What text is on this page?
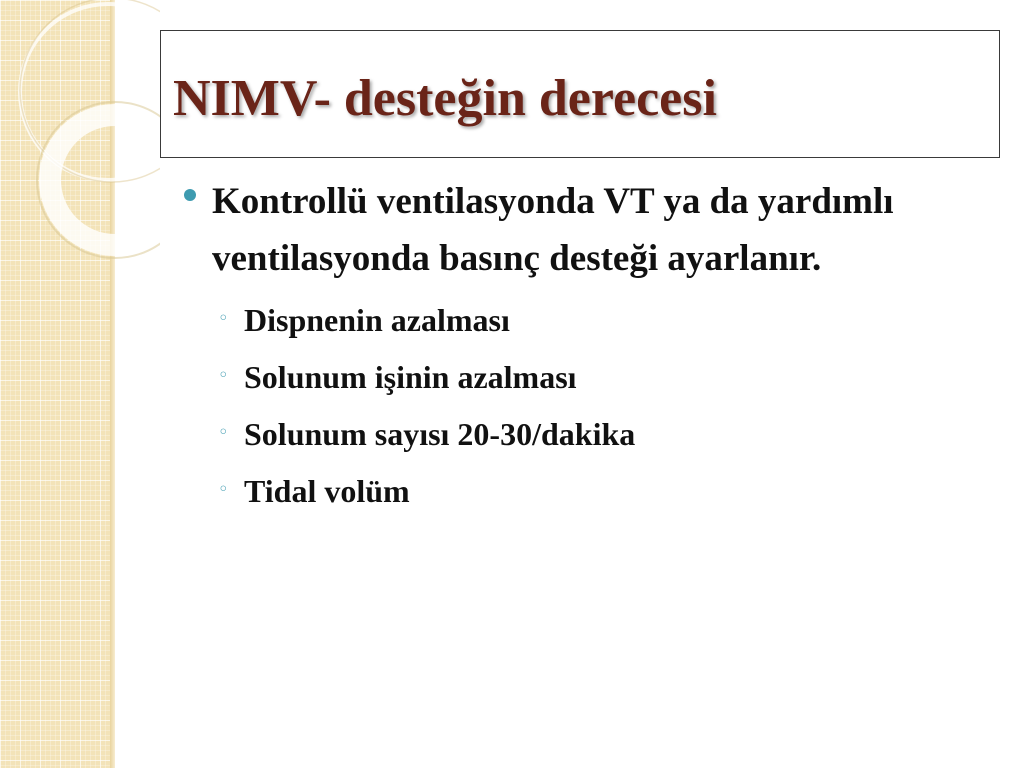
NIMV- desteğin derecesi
Kontrollü ventilasyonda VT ya da yardımlı ventilasyonda basınç desteği ayarlanır.
◦ Dispnenin azalması
◦ Solunum işinin azalması
◦ Solunum sayısı 20-30/dakika
◦ Tidal volüm
